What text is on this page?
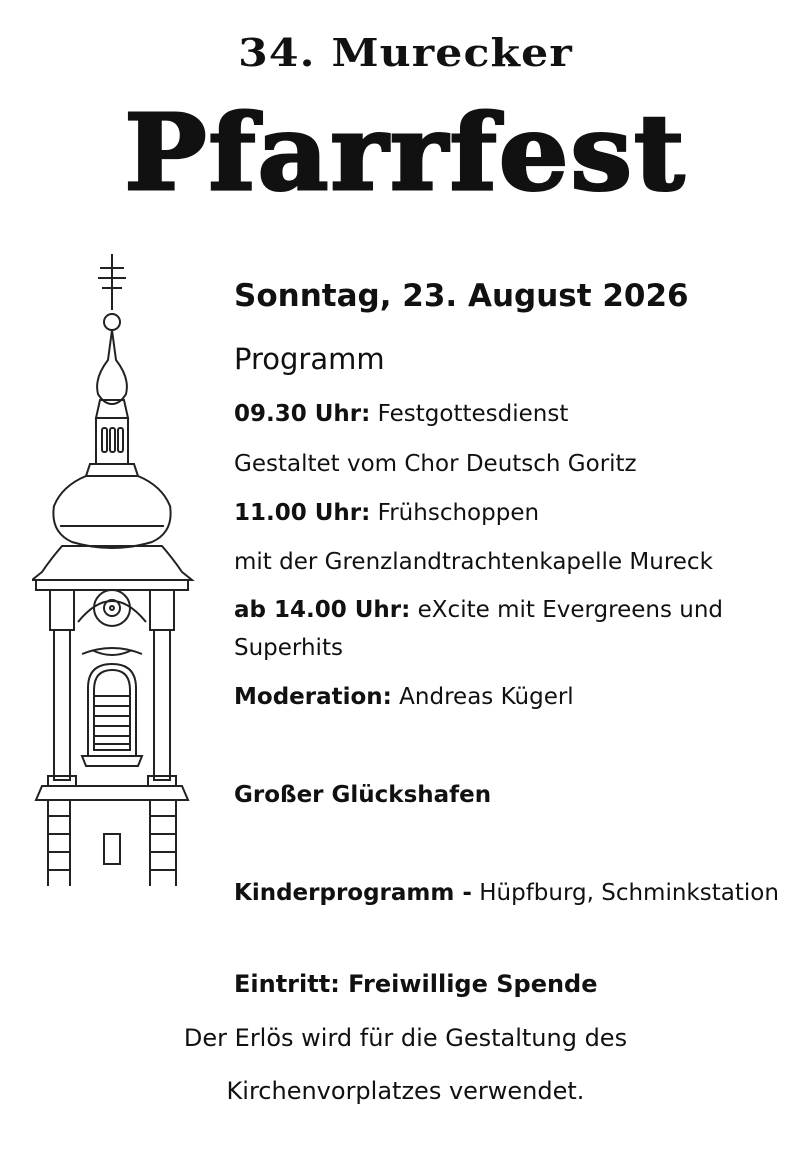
34. Murecker
Pfarrfest
Sonntag, 23. August 2026
Programm
09.30 Uhr: Festgottesdienst
Gestaltet vom Chor Deutsch Goritz
11.00 Uhr: Frühschoppen
mit der Grenzlandtrachtenkapelle Mureck
ab 14.00 Uhr: eXcite mit Evergreens und
Superhits
Moderation: Andreas Kügerl
Großer Glückshafen
Kinderprogramm - Hüpfburg, Schminkstation
Eintritt: Freiwillige Spende
Der Erlös wird für die Gestaltung des
Kirchenvorplatzes verwendet.
